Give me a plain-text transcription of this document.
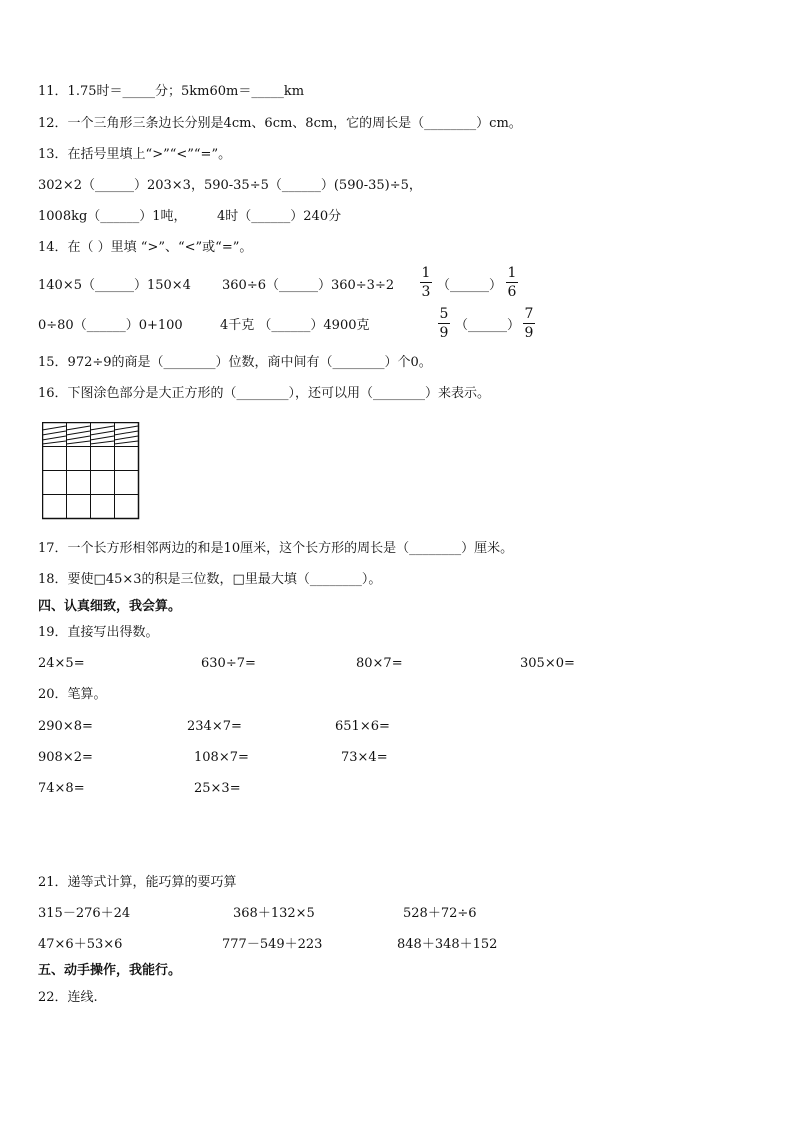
11．1.75时＝_____分；5km60m＝_____km
12．一个三角形三条边长分别是4cm、6cm、8cm，它的周长是（________）cm。
13．在括号里填上“>”“<”“=”。
302×2（______）203×3，590-35÷5（______）(590-35)÷5，
1008kg（______）1吨， 4时（______）240分
14．在（ ）里填 “>”、“<”或“=”。
140×5（______）150×4 360÷6（______）360÷3÷2
1
3 （______）
1
6
0÷80（______）0+100	4千克 （______）4900克
5
9 （______）
7
9
15．972÷9的商是（________）位数，商中间有（________）个0。
16．下图涂色部分是大正方形的（________），还可以用（________）来表示。
17．一个长方形相邻两边的和是10厘米，这个长方形的周长是（________）厘米。
18．要使□45×3的积是三位数，□里最大填（________）。
四、认真细致，我会算。
19．直接写出得数。
24×5=	630÷7=	80×7=	305×0=
20．笔算。
290×8=	234×7=	651×6=
908×2=	108×7=	73×4=
74×8=	25×3=
21．递等式计算，能巧算的要巧算
315－276＋24	368＋132×5	528＋72÷6
47×6＋53×6	777－549＋223	848＋348＋152
五、动手操作，我能行。
22．连线.
